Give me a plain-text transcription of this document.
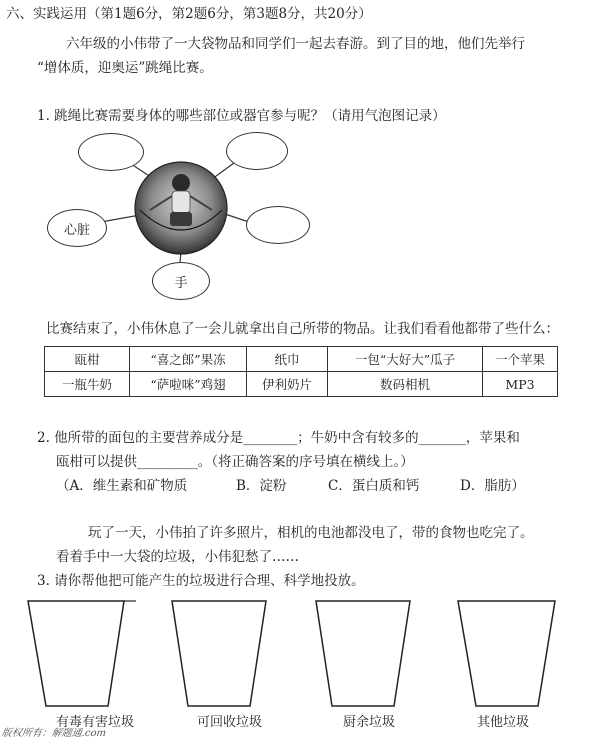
六、实践运用（第1题6分，第2题6分，第3题8分，共20分）
六年级的小伟带了一大袋物品和同学们一起去春游。到了目的地，他们先举行
“增体质，迎奥运”跳绳比赛。
1. 跳绳比赛需要身体的哪些部位或器官参与呢？（请用气泡图记录）
心脏
手
比赛结束了，小伟休息了一会儿就拿出自己所带的物品。让我们看看他都带了些什么：
瓯柑	“喜之郎”果冻	纸巾	一包“大好大”瓜子	一个苹果
一瓶牛奶	“萨啦咪”鸡翅	伊利奶片	数码相机	MP3
2. 他所带的面包的主要营养成分是________；牛奶中含有较多的_______，苹果和
瓯柑可以提供_________。（将正确答案的序号填在横线上。）
（A．维生素和矿物质	B．淀粉	C．蛋白质和钙	D．脂肪）
玩了一天，小伟拍了许多照片，相机的电池都没电了，带的食物也吃完了。
看着手中一大袋的垃圾，小伟犯愁了……
3. 请你帮他把可能产生的垃圾进行合理、科学地投放。
有毒有害垃圾	可回收垃圾	厨余垃圾	其他垃圾
版权所有：解题通.com
